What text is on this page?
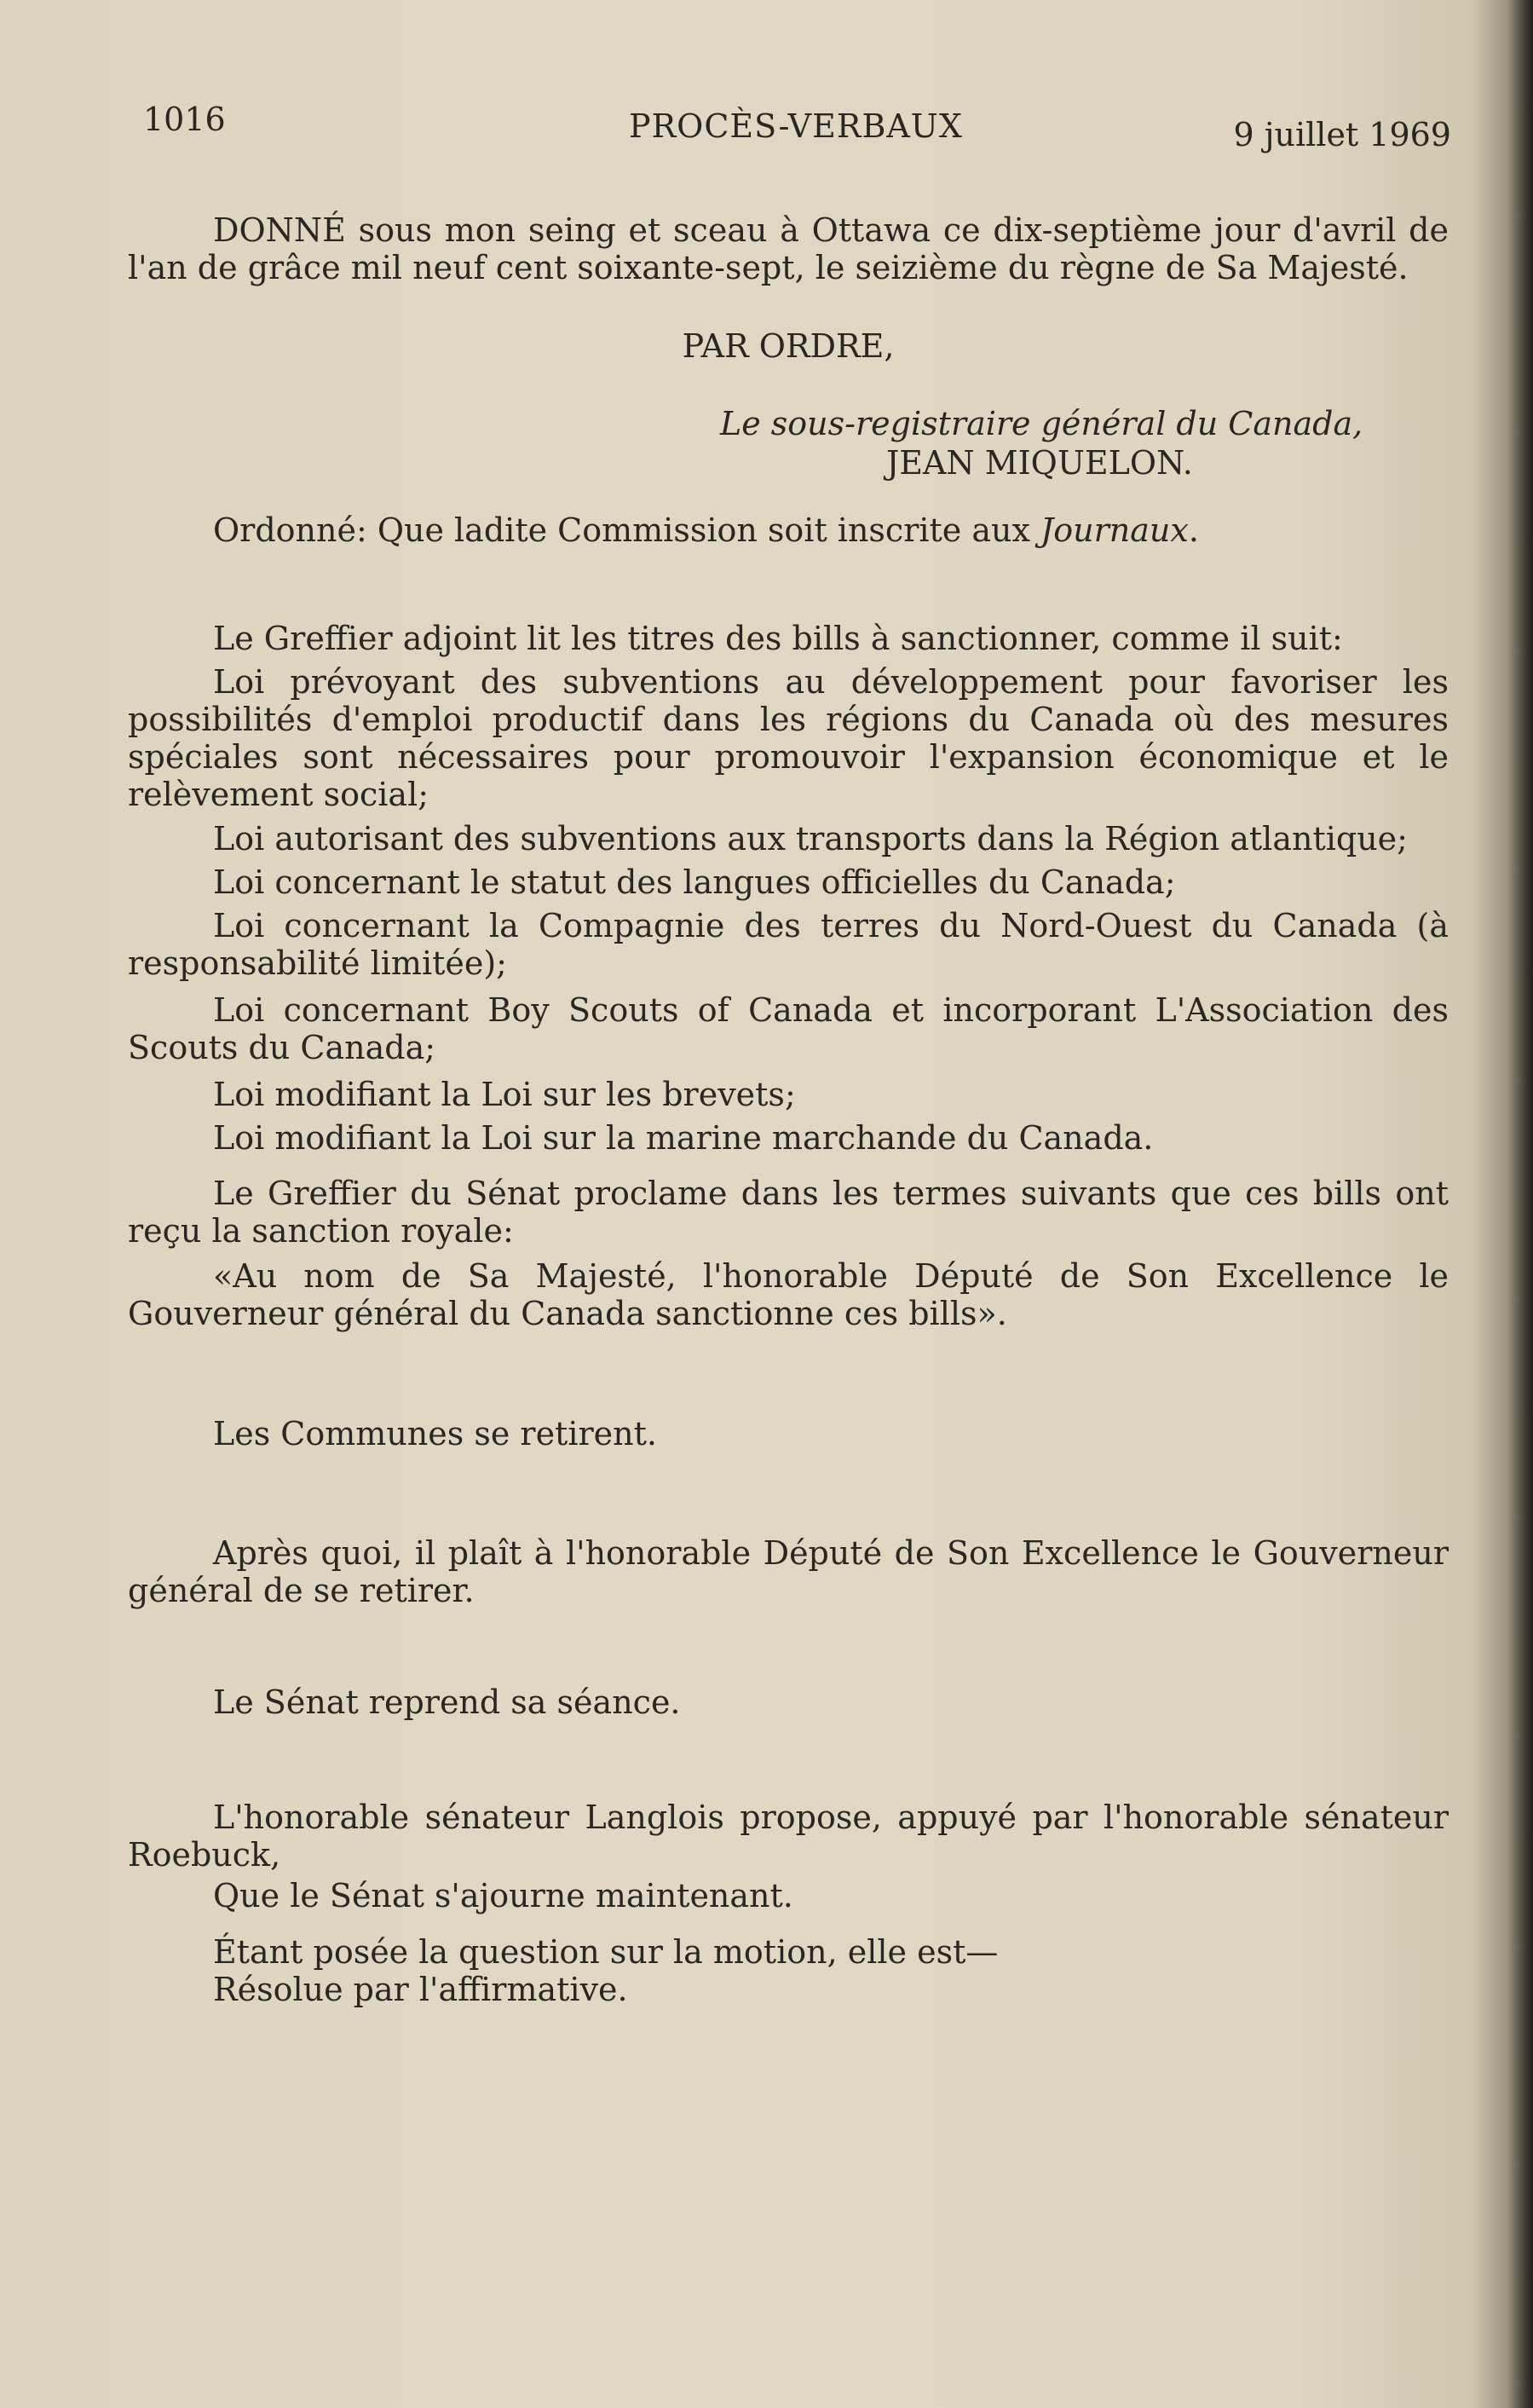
1016	PROCÈS-VERBAUX	9 juillet 1969
DONNÉ sous mon seing et sceau à Ottawa ce dix-septième jour d'avril de l'an de grâce mil neuf cent soixante-sept, le seizième du règne de Sa Majesté.
PAR ORDRE,
Le sous-registraire général du Canada,
JEAN MIQUELON.
Ordonné: Que ladite Commission soit inscrite aux Journaux.
Le Greffier adjoint lit les titres des bills à sanctionner, comme il suit:
Loi prévoyant des subventions au développement pour favoriser les possibilités d'emploi productif dans les régions du Canada où des mesures spéciales sont nécessaires pour promouvoir l'expansion économique et le relèvement social;
Loi autorisant des subventions aux transports dans la Région atlantique;
Loi concernant le statut des langues officielles du Canada;
Loi concernant la Compagnie des terres du Nord-Ouest du Canada (à responsabilité limitée);
Loi concernant Boy Scouts of Canada et incorporant L'Association des Scouts du Canada;
Loi modifiant la Loi sur les brevets;
Loi modifiant la Loi sur la marine marchande du Canada.
Le Greffier du Sénat proclame dans les termes suivants que ces bills ont reçu la sanction royale:
«Au nom de Sa Majesté, l'honorable Député de Son Excellence le Gouverneur général du Canada sanctionne ces bills».
Les Communes se retirent.
Après quoi, il plaît à l'honorable Député de Son Excellence le Gouverneur général de se retirer.
Le Sénat reprend sa séance.
L'honorable sénateur Langlois propose, appuyé par l'honorable sénateur Roebuck,
Que le Sénat s'ajourne maintenant.
Étant posée la question sur la motion, elle est—
Résolue par l'affirmative.
